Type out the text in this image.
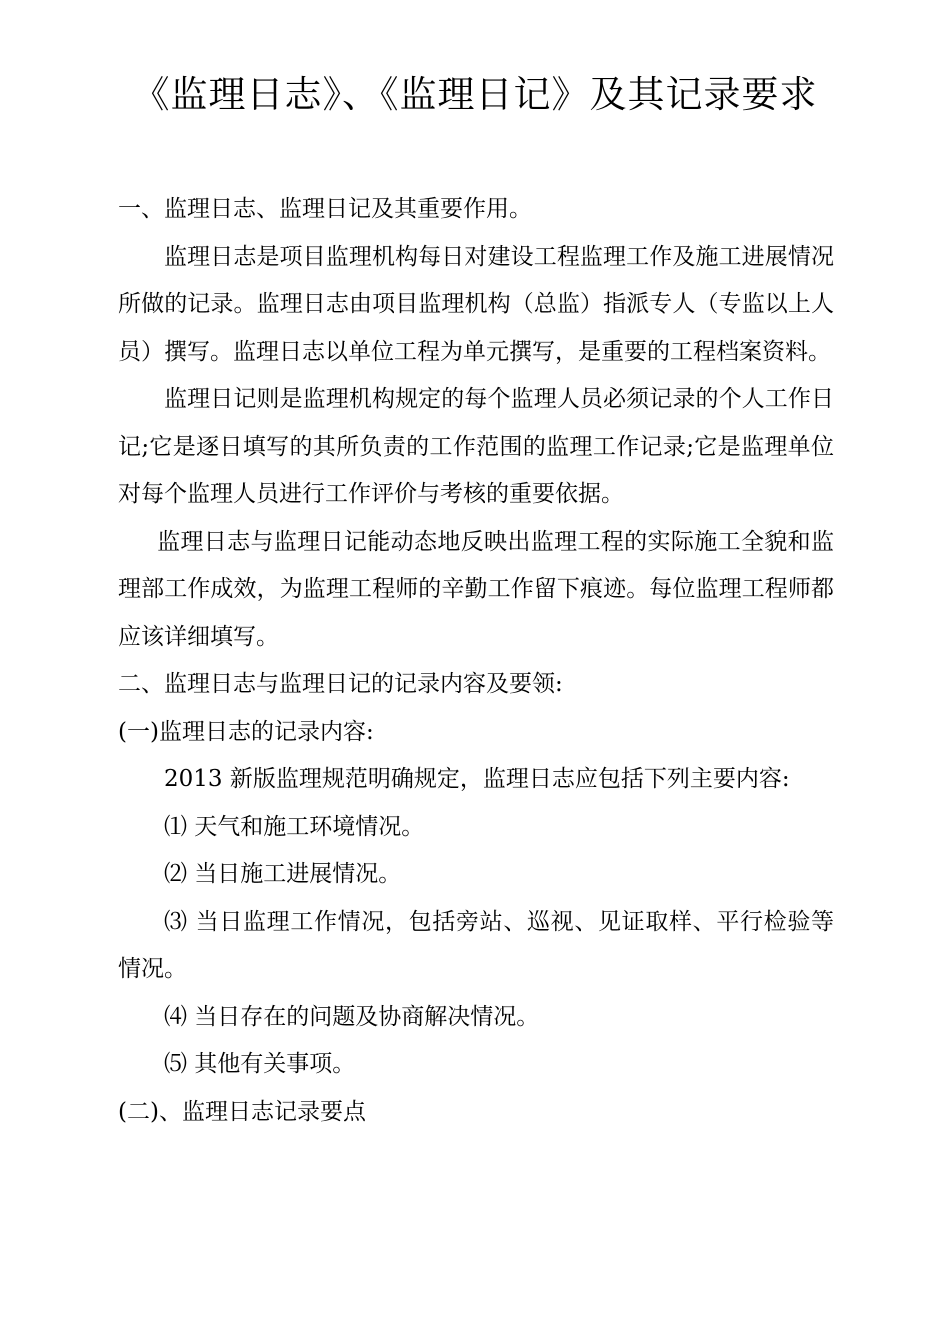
《监理日志》、《监理日记》及其记录要求

一、监理日志、监理日记及其重要作用。

监理日志是项目监理机构每日对建设工程监理工作及施工进展情况所做的记录。监理日志由项目监理机构（总监）指派专人（专监以上人员）撰写。监理日志以单位工程为单元撰写，是重要的工程档案资料。

监理日记则是监理机构规定的每个监理人员必须记录的个人工作日记;它是逐日填写的其所负责的工作范围的监理工作记录;它是监理单位对每个监理人员进行工作评价与考核的重要依据。

监理日志与监理日记能动态地反映出监理工程的实际施工全貌和监理部工作成效，为监理工程师的辛勤工作留下痕迹。每位监理工程师都应该详细填写。

二、监理日志与监理日记的记录内容及要领:

(一)监理日志的记录内容:

2013 新版监理规范明确规定，监理日志应包括下列主要内容:

⑴ 天气和施工环境情况。

⑵ 当日施工进展情况。

⑶ 当日监理工作情况，包括旁站、巡视、见证取样、平行检验等情况。

⑷ 当日存在的问题及协商解决情况。

⑸ 其他有关事项。

(二)、监理日志记录要点
